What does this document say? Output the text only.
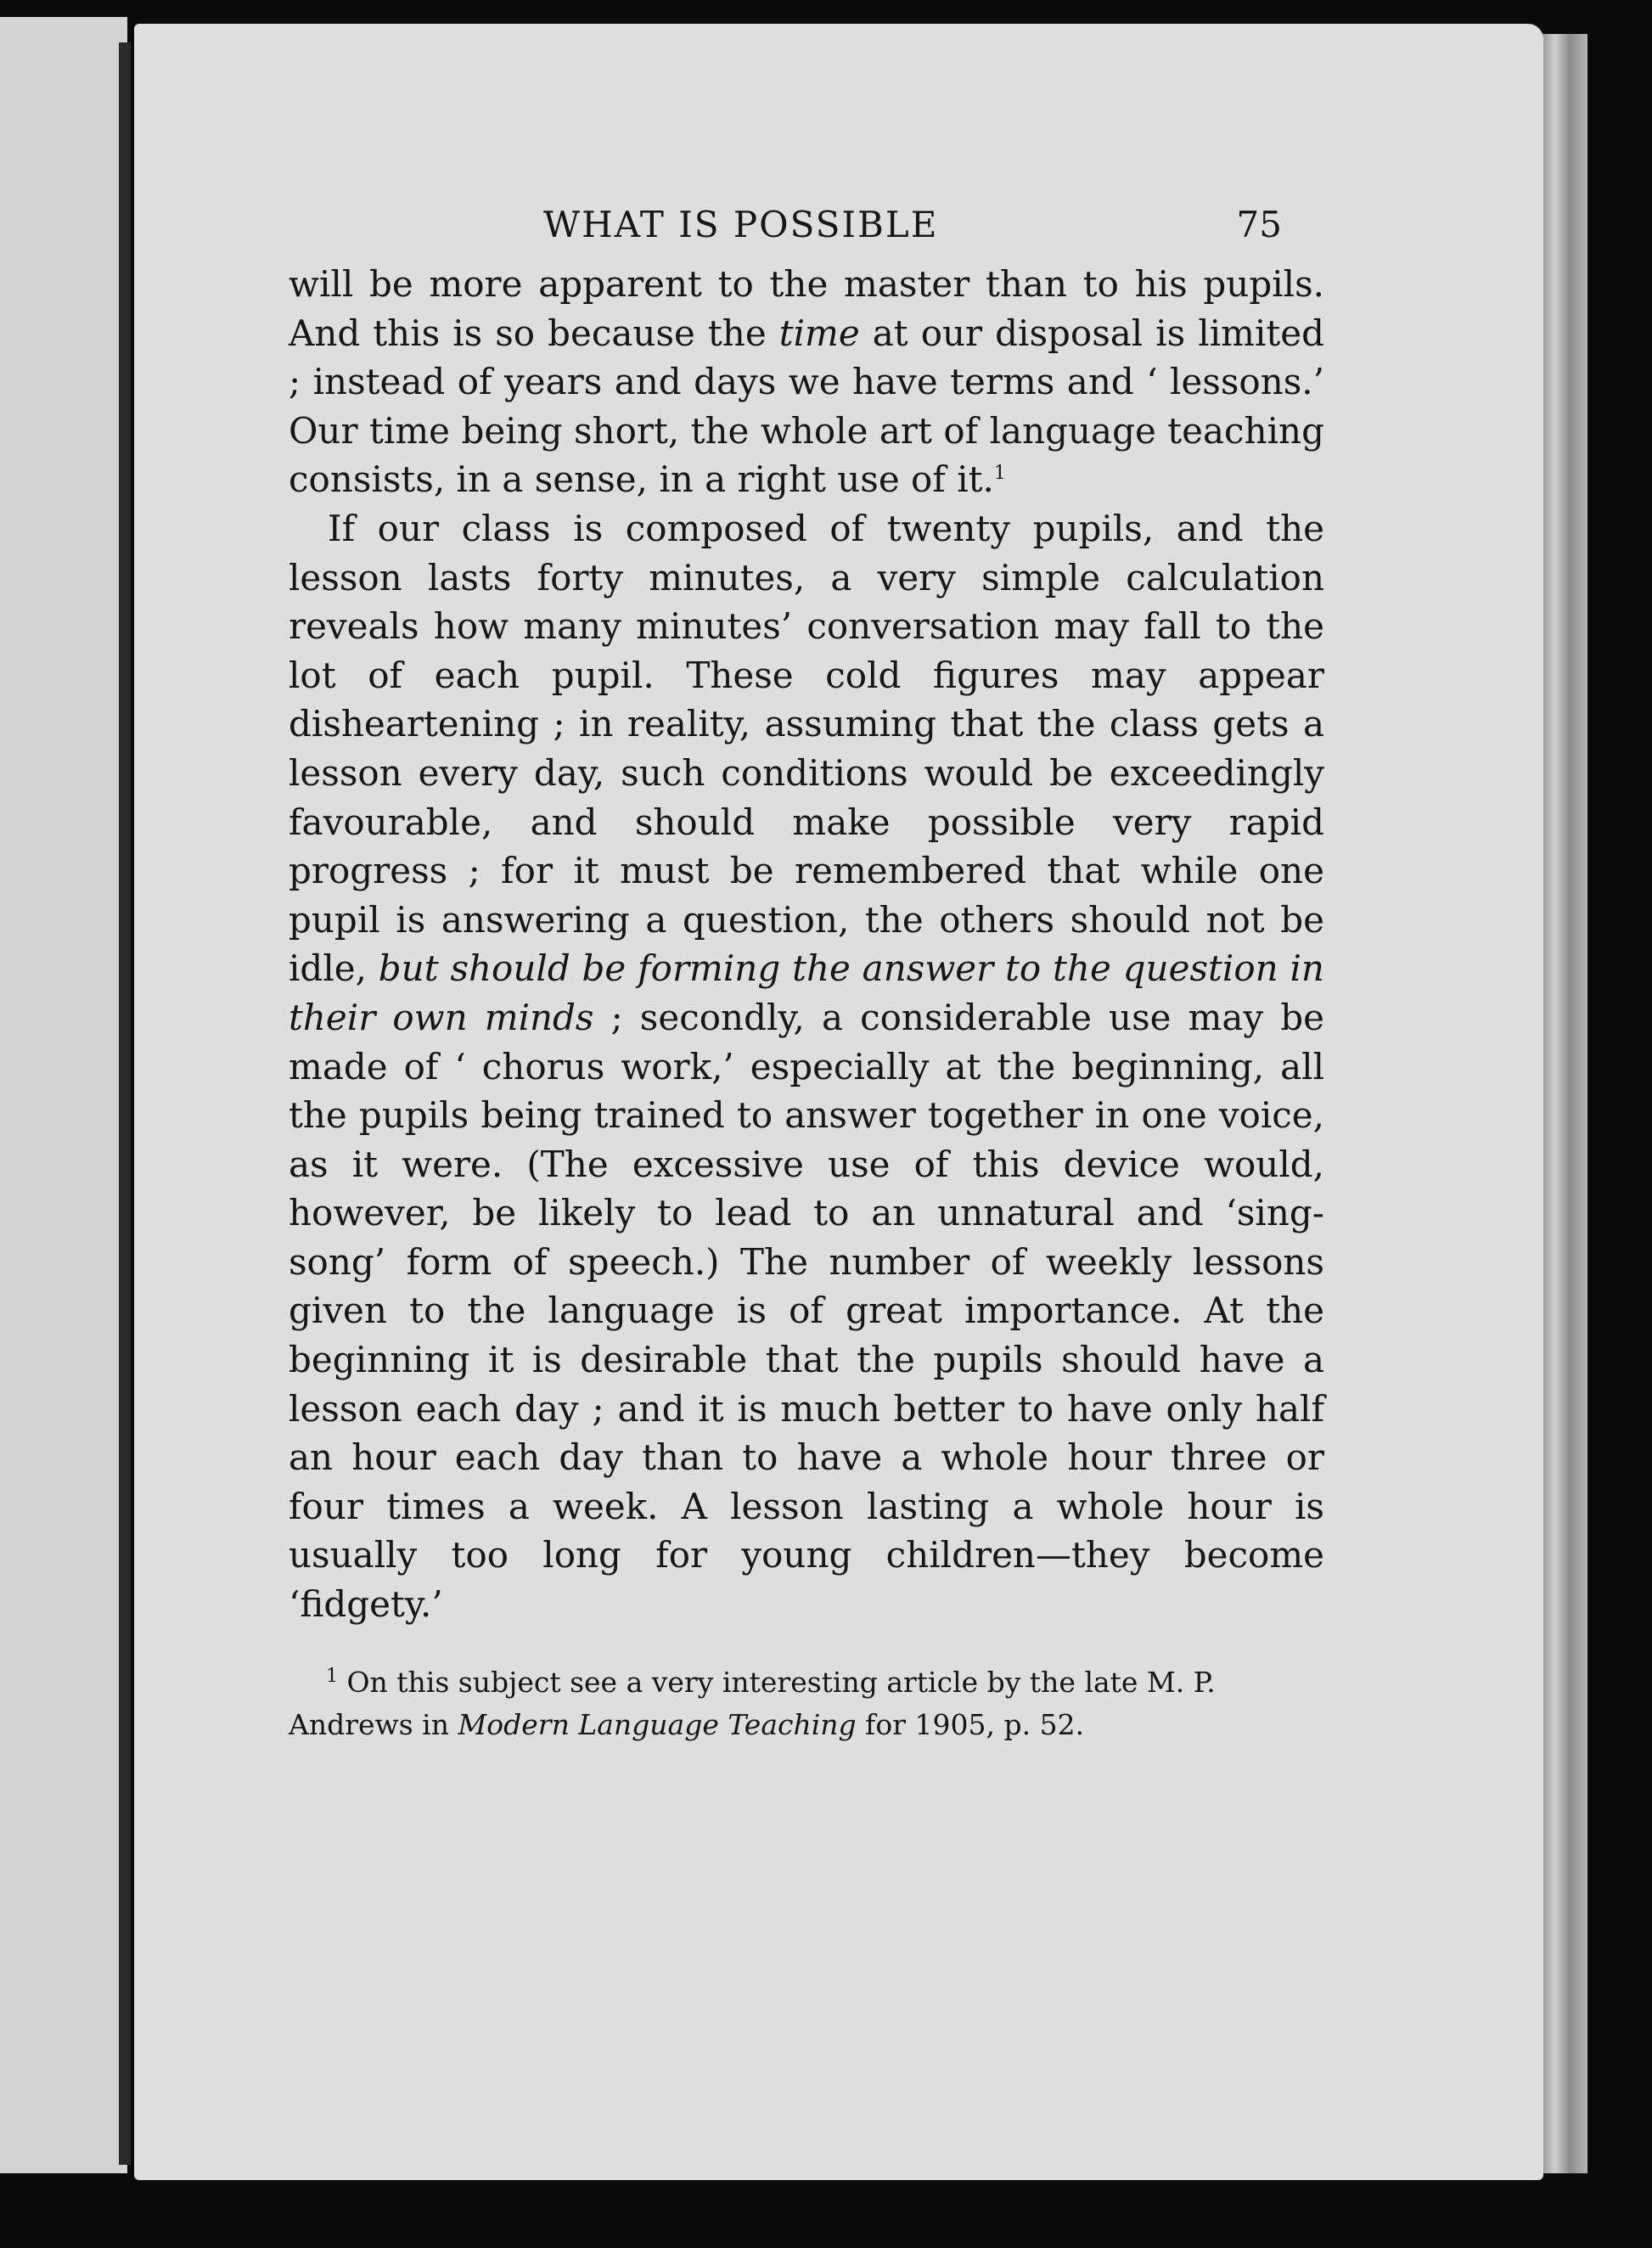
WHAT IS POSSIBLE	75

will be more apparent to the master than to his pupils. And this is so because the time at our disposal is limited ; instead of years and days we have terms and ‘ lessons.’ Our time being short, the whole art of language teaching consists, in a sense, in a right use of it.$^1$

If our class is composed of twenty pupils, and the lesson lasts forty minutes, a very simple calculation reveals how many minutes’ conversation may fall to the lot of each pupil. These cold figures may appear disheartening ; in reality, assuming that the class gets a lesson every day, such conditions would be exceedingly favourable, and should make possible very rapid progress ; for it must be remembered that while one pupil is answering a question, the others should not be idle, but should be forming the answer to the question in their own minds ; secondly, a considerable use may be made of ‘ chorus work,’ especially at the beginning, all the pupils being trained to answer together in one voice, as it were. (The excessive use of this device would, however, be likely to lead to an unnatural and ‘sing-song’ form of speech.) The number of weekly lessons given to the language is of great importance. At the beginning it is desirable that the pupils should have a lesson each day ; and it is much better to have only half an hour each day than to have a whole hour three or four times a week. A lesson lasting a whole hour is usually too long for young children—they become ‘fidgety.’

$^1$ On this subject see a very interesting article by the late M. P. Andrews in Modern Language Teaching for 1905, p. 52.
